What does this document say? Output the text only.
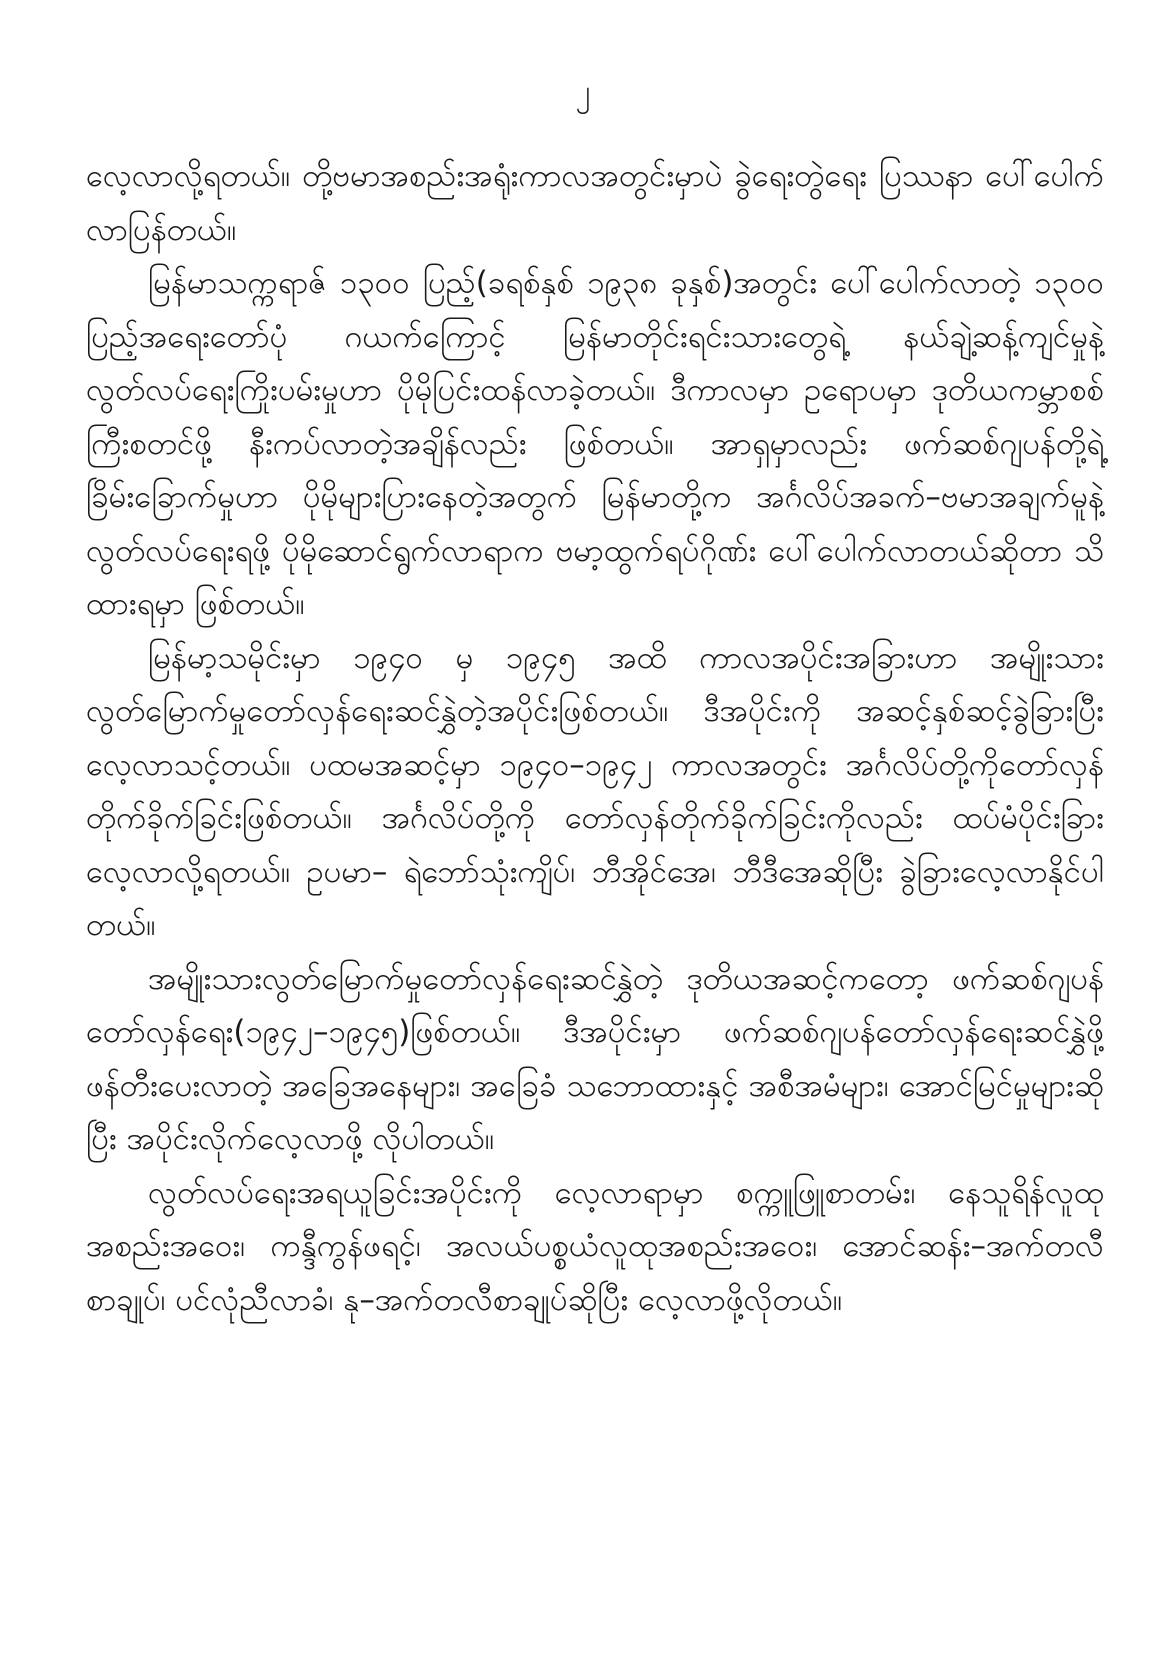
၂

လေ့လာလို့ရတယ်။ တို့ဗမာအစည်းအရုံးကာလအတွင်းမှာပဲ ခွဲရေးတွဲရေး ပြဿနာ ပေါ်ပေါက်လာပြန်တယ်။

မြန်မာသက္ကရာဇ် ၁၃၀၀ ပြည့်(ခရစ်နှစ် ၁၉၃၈ ခုနှစ်)အတွင်း ပေါ်ပေါက်လာတဲ့ ၁၃၀၀ ပြည့်အရေးတော်ပုံ ဂယက်ကြောင့် မြန်မာတိုင်းရင်းသားတွေရဲ့ နယ်ချဲ့ဆန့်ကျင်မှုနဲ့ လွတ်လပ်ရေးကြိုးပမ်းမှုဟာ ပိုမိုပြင်းထန်လာခဲ့တယ်။ ဒီကာလမှာ ဥရောပမှာ ဒုတိယကမ္ဘာစစ်ကြီးစတင်ဖို့ နီးကပ်လာတဲ့အချိန်လည်း ဖြစ်တယ်။ အာရှမှာလည်း ဖက်ဆစ်ဂျပန်တို့ရဲ့ခြိမ်းခြောက်မှုဟာ ပိုမိုများပြားနေတဲ့အတွက် မြန်မာတို့က အင်္ဂလိပ်အခက်–ဗမာအချက်မူနဲ့ လွတ်လပ်ရေးရဖို့ ပိုမိုဆောင်ရွက်လာရာက ဗမာ့ထွက်ရပ်ဂိုဏ်း ပေါ်ပေါက်လာတယ်ဆိုတာ သိထားရမှာ ဖြစ်တယ်။

မြန်မာ့သမိုင်းမှာ ၁၉၄၀ မှ ၁၉၄၅ အထိ ကာလအပိုင်းအခြားဟာ အမျိုးသားလွတ်မြောက်မှုတော်လှန်ရေးဆင်နွှဲတဲ့အပိုင်းဖြစ်တယ်။ ဒီအပိုင်းကို အဆင့်နှစ်ဆင့်ခွဲခြားပြီး လေ့လာသင့်တယ်။ ပထမအဆင့်မှာ ၁၉၄၀–၁၉၄၂ ကာလအတွင်း အင်္ဂလိပ်တို့ကိုတော်လှန်တိုက်ခိုက်ခြင်းဖြစ်တယ်။ အင်္ဂလိပ်တို့ကို တော်လှန်တိုက်ခိုက်ခြင်းကိုလည်း ထပ်မံပိုင်းခြားလေ့လာလို့ရတယ်။ ဥပမာ– ရဲဘော်သုံးကျိပ်၊ ဘီအိုင်အေ၊ ဘီဒီအေဆိုပြီး ခွဲခြားလေ့လာနိုင်ပါတယ်။

အမျိုးသားလွတ်မြောက်မှုတော်လှန်ရေးဆင်နွှဲတဲ့ ဒုတိယအဆင့်ကတော့ ဖက်ဆစ်ဂျပန်တော်လှန်ရေး(၁၉၄၂–၁၉၄၅)ဖြစ်တယ်။ ဒီအပိုင်းမှာ ဖက်ဆစ်ဂျပန်တော်လှန်ရေးဆင်နွှဲဖို့ ဖန်တီးပေးလာတဲ့ အခြေအနေများ၊ အခြေခံ သဘောထားနှင့် အစီအမံများ၊ အောင်မြင်မှုများဆိုပြီး အပိုင်းလိုက်လေ့လာဖို့ လိုပါတယ်။

လွတ်လပ်ရေးအရယူခြင်းအပိုင်းကို လေ့လာရာမှာ စက္ကူဖြူစာတမ်း၊ နေသူရိန်လူထုအစည်းအဝေး၊ ကန္ဒီကွန်ဖရင့်၊ အလယ်ပစ္စယံလူထုအစည်းအဝေး၊ အောင်ဆန်း–အက်တလီစာချုပ်၊ ပင်လုံညီလာခံ၊ နု–အက်တလီစာချုပ်ဆိုပြီး လေ့လာဖို့လိုတယ်။
